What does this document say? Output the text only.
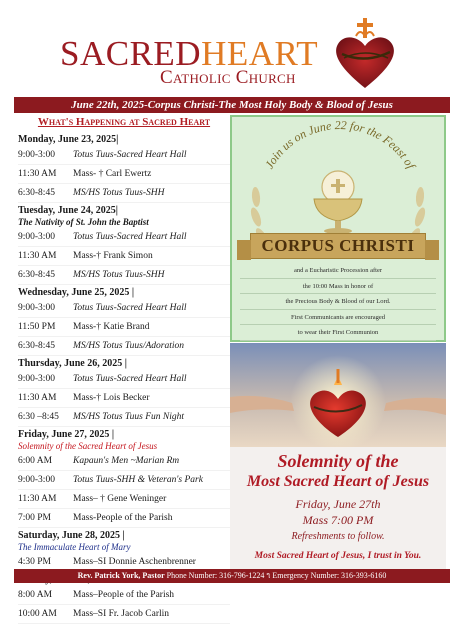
SACREDHEART
Catholic Church
June 22th, 2025-Corpus Christi-The Most Holy Body & Blood of Jesus
What's Happening at Sacred Heart
Monday, June 23, 2025|
9:00-3:00	Totus Tuus-Sacred Heart Hall
11:30 AM	Mass- † Carl Ewertz
6:30-8:45	MS/HS Totus Tuus-SHH
Tuesday, June 24, 2025|
The Nativity of St. John the Baptist
9:00-3:00	Totus Tuus-Sacred Heart Hall
11:30 AM	Mass-† Frank Simon
6:30-8:45	MS/HS Totus Tuus-SHH
Wednesday, June 25, 2025 |
9:00-3:00	Totus Tuus-Sacred Heart Hall
11:50 PM	Mass-† Katie Brand
6:30-8:45	MS/HS Totus Tuus/Adoration
Thursday, June 26, 2025 |
9:00-3:00	Totus Tuus-Sacred Heart Hall
11:30 AM	Mass-† Lois Becker
6:30 –8:45	MS/HS Totus Tuus Fun Night
Friday, June 27, 2025 |
Solemnity of the Sacred Heart of Jesus
6:00 AM	Kapaun's Men ~Marian Rm
9:00-3:00	Totus Tuus-SHH & Veteran's Park
11:30 AM	Mass– † Gene Weninger
7:00 PM	Mass-People of the Parish
Saturday, June 28, 2025 |
The Immaculate Heart of Mary
4:30 PM	Mass–SI Donnie Aschenbrenner
8:00 AM	Mass–People of the Parish
10:00 AM	Mass–SI Fr. Jacob Carlin
Join us on June 22 for the Feast of
CORPUS CHRISTI
and a Eucharistic Procession after
the 10:00 Mass in honor of
the Precious Body & Blood of our Lord.
First Communicants are encouraged
to wear their First Communion
Solemnity of the
Most Sacred Heart of Jesus
Friday, June 27th
Mass 7:00 PM
Refreshments to follow.
Most Sacred Heart of Jesus, I trust in You.
Rev. Patrick York, Pastor Phone Number: 316-796-1224 ૧ Emergency Number: 316-393-6160
